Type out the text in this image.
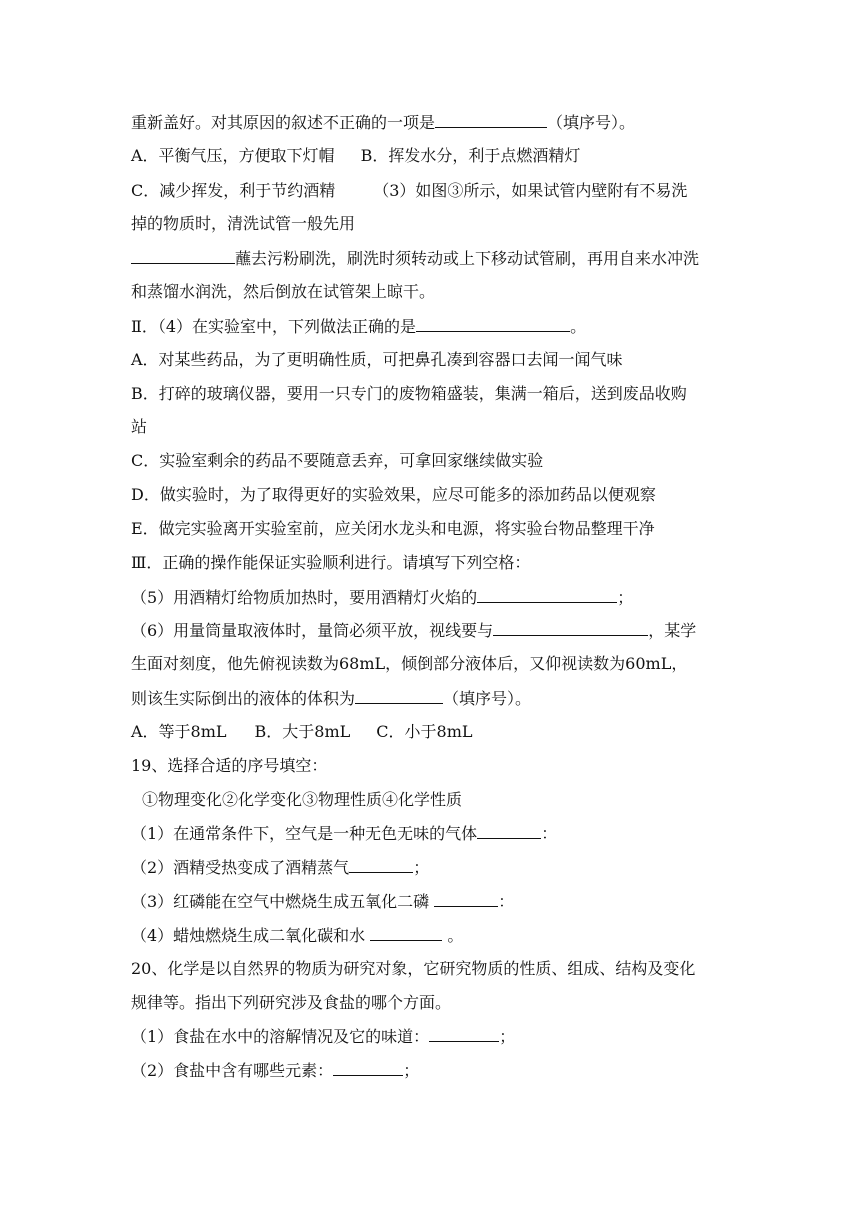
重新盖好。对其原因的叙述不正确的一项是	（填序号）。
A．平衡气压，方便取下灯帽 B．挥发水分，利于点燃酒精灯
C．减少挥发，利于节约酒精 （3）如图③所示，如果试管内壁附有不易洗
掉的物质时，清洗试管一般先用
蘸去污粉刷洗，刷洗时须转动或上下移动试管刷，再用自来水冲洗
和蒸馏水润洗，然后倒放在试管架上晾干。
Ⅱ．（4）在实验室中，下列做法正确的是	。
A．对某些药品，为了更明确性质，可把鼻孔凑到容器口去闻一闻气味
B．打碎的玻璃仪器，要用一只专门的废物箱盛装，集满一箱后，送到废品收购
站
C．实验室剩余的药品不要随意丢弃，可拿回家继续做实验
D．做实验时，为了取得更好的实验效果，应尽可能多的添加药品以便观察
E．做完实验离开实验室前，应关闭水龙头和电源，将实验台物品整理干净
Ⅲ．正确的操作能保证实验顺利进行。请填写下列空格：
（5）用酒精灯给物质加热时，要用酒精灯火焰的	；
（6）用量筒量取液体时，量筒必须平放，视线要与	，某学
生面对刻度，他先俯视读数为68mL，倾倒部分液体后，又仰视读数为60mL，
则该生实际倒出的液体的体积为	（填序号）。
A．等于8mL B．大于8mL C．小于8mL
19、选择合适的序号填空：
①物理变化②化学变化③物理性质④化学性质
（1）在通常条件下，空气是一种无色无味的气体	：
（2）酒精受热变成了酒精蒸气	；
（3）红磷能在空气中燃烧生成五氧化二磷	：
（4）蜡烛燃烧生成二氧化碳和水	。
20、化学是以自然界的物质为研究对象，它研究物质的性质、组成、结构及变化
规律等。指出下列研究涉及食盐的哪个方面。
（1）食盐在水中的溶解情况及它的味道：	；
（2）食盐中含有哪些元素：	；
